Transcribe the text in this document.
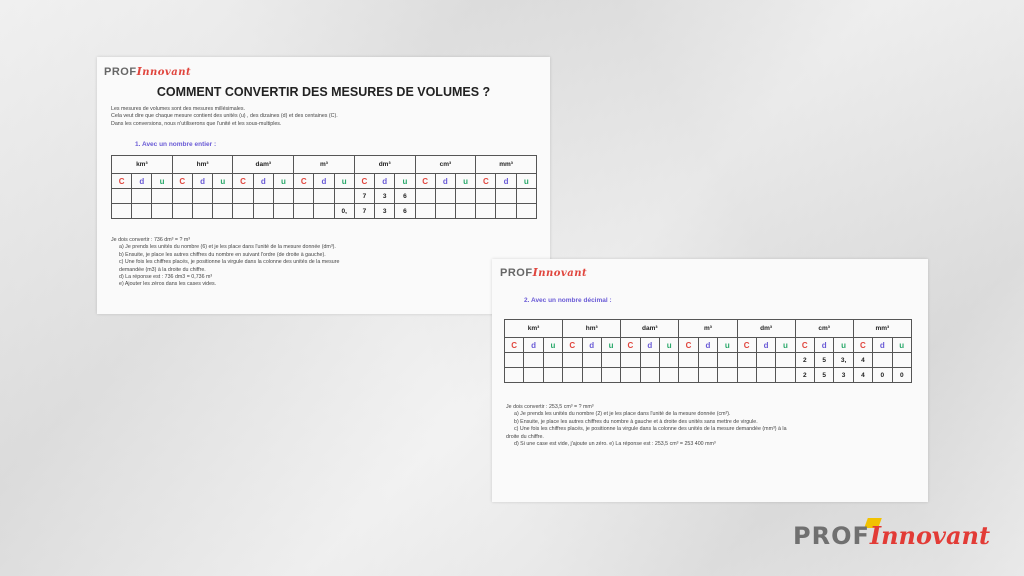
PROFInnovant
COMMENT CONVERTIR DES MESURES DE VOLUMES ?
Les mesures de volumes sont des mesures millésimales.
Cela veut dire que chaque mesure contient des unités (u) , des dizaines (d) et des centaines (C).
Dans les conversions, nous n'utiliserons que l'unité et les sous-multiples.
1. Avec un nombre entier :
km³			hm³			dam³			m³			dm³			cm³			mm³		
C	d	u	C	d	u	C	d	u	C	d	u	C	d	u	C	d	u	C	d	u
												7	3	6						
											0,	7	3	6						
Je dois convertir : 736 dm³ = ? m³
a) Je prends les unités du nombre (6) et je les place dans l'unité de la mesure donnée (dm³).
b) Ensuite, je place les autres chiffres du nombre en suivant l'ordre (de droite à gauche).
c) Une fois les chiffres placés, je positionne la virgule dans la colonne des unités de la mesure
demandée (m3) à la droite du chiffre.
d) La réponse est : 736 dm3 = 0,736 m³
e) Ajouter les zéros dans les cases vides.
PROFInnovant
2. Avec un nombre décimal :
km³			hm³			dam³			m³			dm³			cm³			mm³		
C	d	u	C	d	u	C	d	u	C	d	u	C	d	u	C	d	u	C	d	u
															2	5	3,	4		
															2	5	3	4	0	0
Je dois convertir : 253,5 cm³ = ? mm³
a) Je prends les unités du nombre (2) et je les place dans l'unité de la mesure donnée (cm³).
b) Ensuite, je place les autres chiffres du nombre à gauche et à droite des unités sans mettre de virgule.
c) Une fois les chiffres placés, je positionne la virgule dans la colonne des unités de la mesure demandée (mm³) à la
droite du chiffre.
d) Si une case est vide, j'ajoute un zéro. e) La réponse est : 253,5 cm³ = 253 400 mm³
PROFInnovant
